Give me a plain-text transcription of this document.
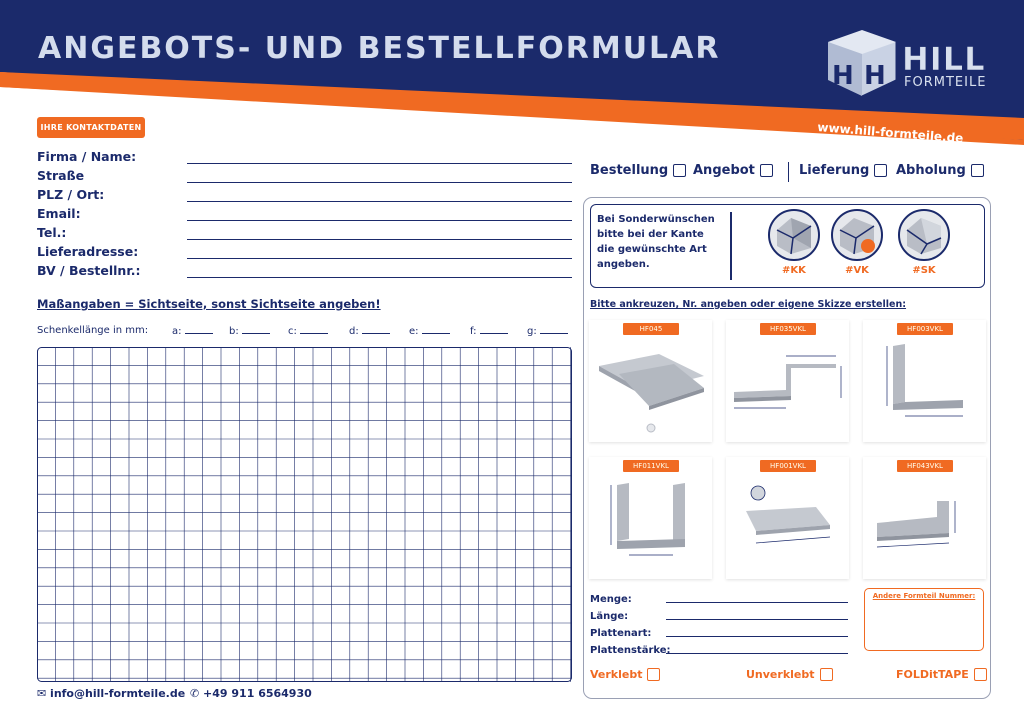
ANGEBOTS- UND BESTELLFORMULAR
H H HILL
FORMTEILE
www.hill-formteile.de
IHRE KONTAKTDATEN
Firma / Name:
Straße
PLZ / Ort:
Email:
Tel.:
Lieferadresse:
BV / Bestellnr.:
Maßangaben = Sichtseite, sonst Sichtseite angeben!
Schenkellänge in mm: a:	b:	c:	d:	e:	f:	g:
✉ info@hill-formteile.de ✆ +49 911 6564930
Bestellung Angebot	Lieferung Abholung
Bei Sonderwünschen bitte bei der Kante die gewünschte Art angeben.
#KK	#VK	#SK
Bitte ankreuzen, Nr. angeben oder eigene Skizze erstellen:
HF045	HF035VKL	HF003VKL
HF011VKL	HF001VKL	HF043VKL
Menge:
Länge:
Plattenart:
Plattenstärke:
Andere Formteil Nummer:
Verklebt	Unverklebt	FOLDitTAPE
